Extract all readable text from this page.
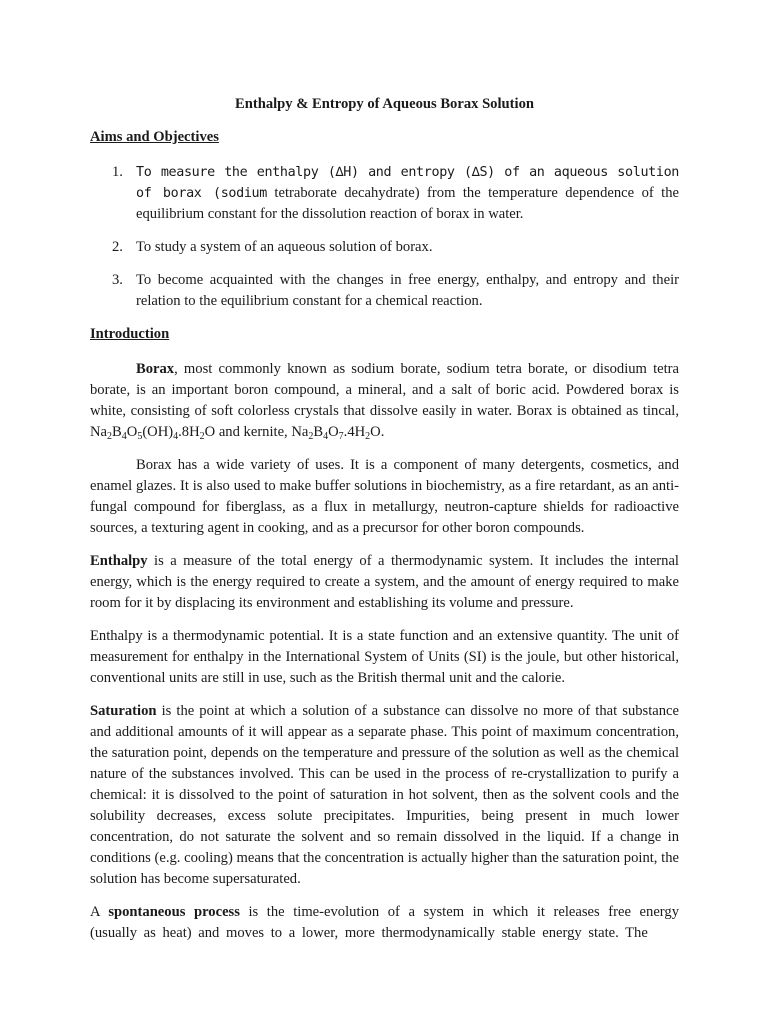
Enthalpy & Entropy of Aqueous Borax Solution
Aims and Objectives
1. To measure the enthalpy (∆H) and entropy (∆S) of an aqueous solution of borax (sodium tetraborate decahydrate) from the temperature dependence of the equilibrium constant for the dissolution reaction of borax in water.
2. To study a system of an aqueous solution of borax.
3. To become acquainted with the changes in free energy, enthalpy, and entropy and their relation to the equilibrium constant for a chemical reaction.
Introduction

Borax, most commonly known as sodium borate, sodium tetra borate, or disodium tetra borate, is an important boron compound, a mineral, and a salt of boric acid. Powdered borax is white, consisting of soft colorless crystals that dissolve easily in water. Borax is obtained as tincal, $Na_2B_4O_5(OH)_4.8H_2O$ and kernite, $Na_2B_4O_7.4H_2O$.

Borax has a wide variety of uses. It is a component of many detergents, cosmetics, and enamel glazes. It is also used to make buffer solutions in biochemistry, as a fire retardant, as an anti-fungal compound for fiberglass, as a flux in metallurgy, neutron-capture shields for radioactive sources, a texturing agent in cooking, and as a precursor for other boron compounds.

Enthalpy is a measure of the total energy of a thermodynamic system. It includes the internal energy, which is the energy required to create a system, and the amount of energy required to make room for it by displacing its environment and establishing its volume and pressure.

Enthalpy is a thermodynamic potential. It is a state function and an extensive quantity. The unit of measurement for enthalpy in the International System of Units (SI) is the joule, but other historical, conventional units are still in use, such as the British thermal unit and the calorie.

Saturation is the point at which a solution of a substance can dissolve no more of that substance and additional amounts of it will appear as a separate phase. This point of maximum concentration, the saturation point, depends on the temperature and pressure of the solution as well as the chemical nature of the substances involved. This can be used in the process of re-crystallization to purify a chemical: it is dissolved to the point of saturation in hot solvent, then as the solvent cools and the solubility decreases, excess solute precipitates. Impurities, being present in much lower concentration, do not saturate the solvent and so remain dissolved in the liquid. If a change in conditions (e.g. cooling) means that the concentration is actually higher than the saturation point, the solution has become supersaturated.

A spontaneous process is the time-evolution of a system in which it releases free energy (usually as heat) and moves to a lower, more thermodynamically stable energy state. The
